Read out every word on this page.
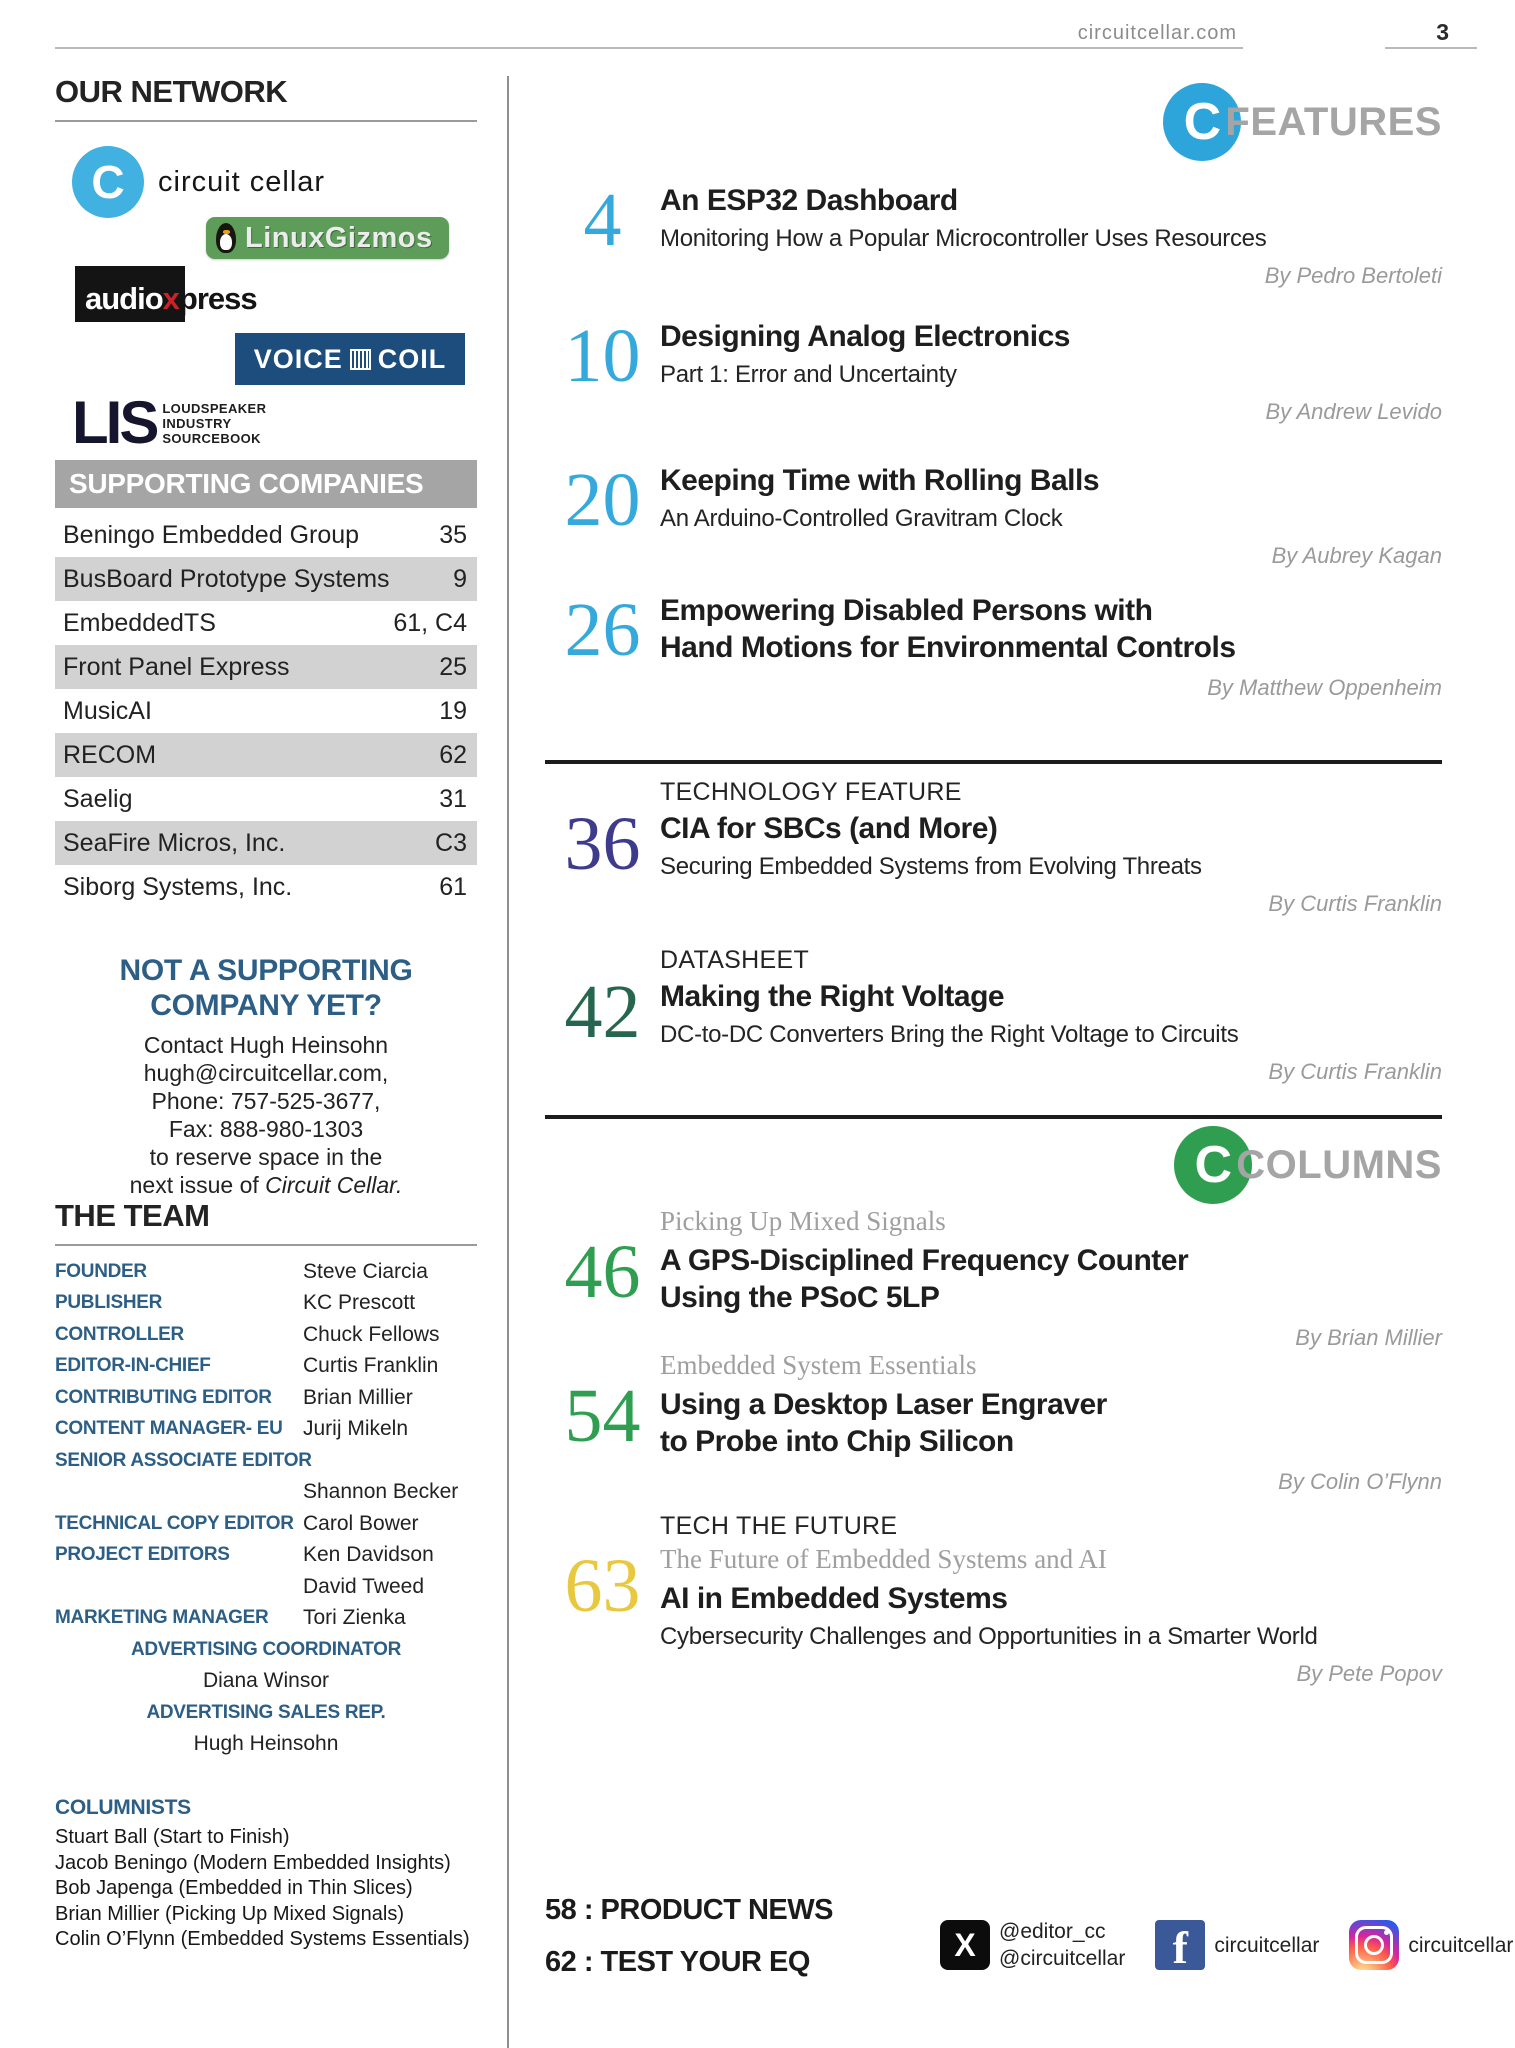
circuitcellar.com	3
OUR NETWORK
C	circuit cellar
LinuxGizmos
audioxpress
VOICE COIL
LIS LOUDSPEAKER
INDUSTRY
SOURCEBOOK
SUPPORTING COMPANIES
Beningo Embedded Group	35
BusBoard Prototype Systems	9
EmbeddedTS	61, C4
Front Panel Express	25
MusicAI	19
RECOM	62
Saelig	31
SeaFire Micros, Inc.	C3
Siborg Systems, Inc.	61
NOT A SUPPORTING
COMPANY YET?
Contact Hugh Heinsohn
hugh@circuitcellar.com,
Phone: 757-525-3677,
Fax: 888-980-1303
to reserve space in the
next issue of Circuit Cellar.
THE TEAM
FOUNDER	Steve Ciarcia
PUBLISHER	KC Prescott
CONTROLLER	Chuck Fellows
EDITOR-IN-CHIEF	Curtis Franklin
CONTRIBUTING EDITOR	Brian Millier
CONTENT MANAGER- EU Jurij Mikeln
SENIOR ASSOCIATE EDITOR
Shannon Becker
TECHNICAL COPY EDITOR Carol Bower
PROJECT EDITORS	Ken Davidson
David Tweed
MARKETING MANAGER	Tori Zienka
ADVERTISING COORDINATOR
Diana Winsor
ADVERTISING SALES REP.
Hugh Heinsohn
COLUMNISTS
Stuart Ball (Start to Finish)
Jacob Beningo (Modern Embedded Insights)
Bob Japenga (Embedded in Thin Slices)
Brian Millier (Picking Up Mixed Signals)
Colin O’Flynn (Embedded Systems Essentials)
C FEATURES
4	An ESP32 Dashboard
Monitoring How a Popular Microcontroller Uses Resources
By Pedro Bertoleti
10 Designing Analog Electronics
Part 1: Error and Uncertainty
By Andrew Levido
20 Keeping Time with Rolling Balls
An Arduino-Controlled Gravitram Clock
By Aubrey Kagan
26 Empowering Disabled Persons with
Hand Motions for Environmental Controls
By Matthew Oppenheim
36
TECHNOLOGY FEATURE
CIA for SBCs (and More)
Securing Embedded Systems from Evolving Threats
By Curtis Franklin
42
DATASHEET
Making the Right Voltage
DC-to-DC Converters Bring the Right Voltage to Circuits
By Curtis Franklin
C COLUMNS
46
Picking Up Mixed Signals
A GPS-Disciplined Frequency Counter
Using the PSoC 5LP
By Brian Millier
54
Embedded System Essentials
Using a Desktop Laser Engraver
to Probe into Chip Silicon
By Colin O’Flynn
63
TECH THE FUTURE
The Future of Embedded Systems and AI
AI in Embedded Systems
Cybersecurity Challenges and Opportunities in a Smarter World
By Pete Popov
58 : PRODUCT NEWS
62 : TEST YOUR EQ	X	@editor_cc
@circuitcellar	f	circuitcellar	circuitcellar
